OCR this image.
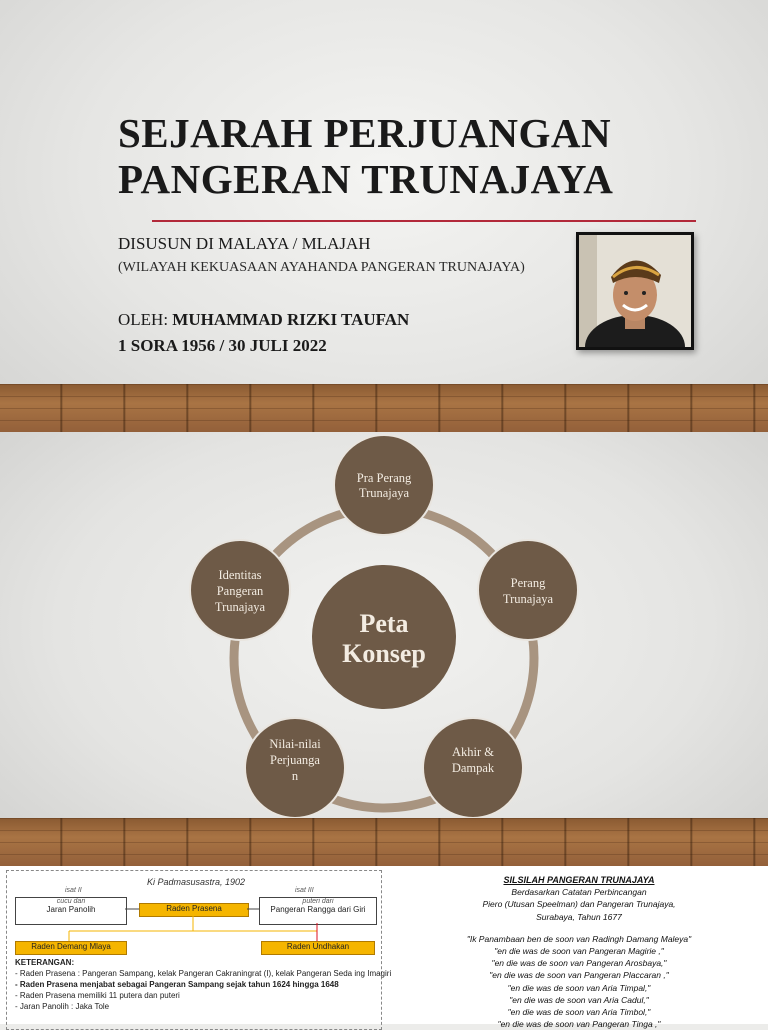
SEJARAH PERJUANGAN
PANGERAN TRUNAJAYA
DISUSUN DI MALAYA / MLAJAH
(WILAYAH KEKUASAAN AYAHANDA PANGERAN TRUNAJAYA)
OLEH: MUHAMMAD RIZKI TAUFAN
1 SORA 1956 / 30 JULI 2022
Peta
Konsep
Pra Perang
Trunajaya
Perang
Trunajaya
Akhir &
Dampak
Nilai-nilai
Perjuanga
n
Identitas
Pangeran
Trunajaya
Ki Padmasusastra, 1902
isat II
cucu dari
Jaran Panolih	Raden Prasena
isat III
puteri dari
Pangeran Rangga dari Giri
Raden Demang Mlaya	Raden Undhakan
KETERANGAN:
- Raden Prasena : Pangeran Sampang, kelak Pangeran Cakraningrat (I), kelak Pangeran Seda ing Imagiri
- Raden Prasena menjabat sebagai Pangeran Sampang sejak tahun 1624 hingga 1648
- Raden Prasena memiliki 11 putera dan puteri
- Jaran Panolih : Jaka Tole
SILSILAH PANGERAN TRUNAJAYA
Berdasarkan Catatan Perbincangan
Piero (Utusan Speelman) dan Pangeran Trunajaya,
Surabaya, Tahun 1677
"Ik Panambaan ben de soon van Radingh Damang Maleya"
"en die was de soon van Pangeran Magirie ,"
"en die was de soon van Pangeran Arosbaya,"
"en die was de soon van Pangeran Placcaran ,"
"en die was de soon van Aria Timpal,"
"en die was de soon van Aria Cadul,"
"en die was de soon van Aria Timbol,"
"en die was de soon van Pangeran Tinga ,"
